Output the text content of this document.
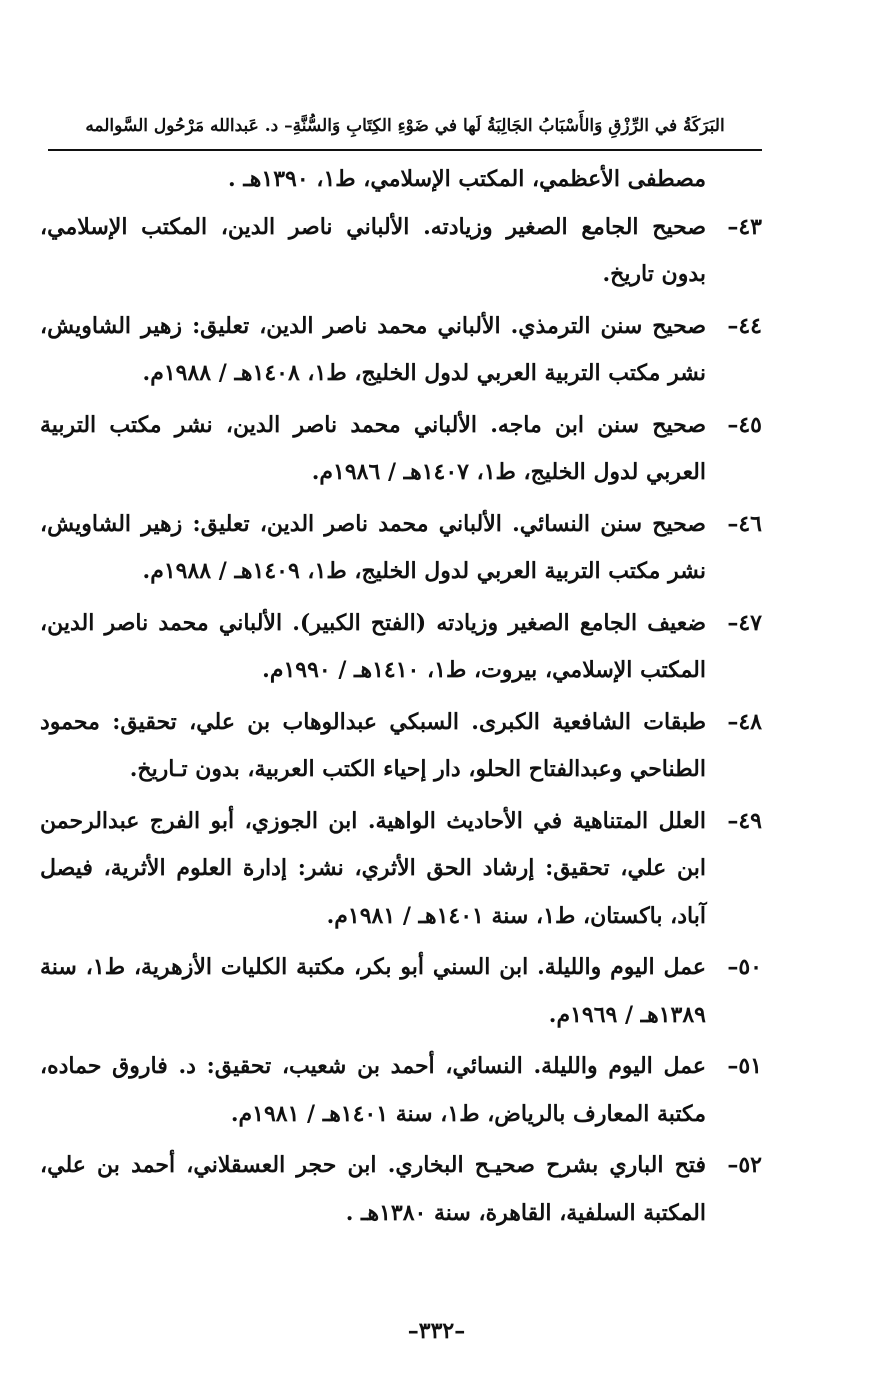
البَرَكَةُ في الرِّزْقِ وَالأَسْبَابُ الجَالِبَةُ لَها في ضَوْءِ الكِتَابِ وَالسُّنَّةِ– د. عَبدالله مَرْحُول السَّوالمه
مصطفى الأعظمي، المكتب الإسلامي، ط١، ١٣٩٠هـ .
٤٣–

صحيح الجامع الصغير وزيادته. الألباني ناصر الدين، المكتب الإسلامي، بدون تاريخ.

٤٤–

صحيح سنن الترمذي. الألباني محمد ناصر الدين، تعليق: زهير الشاويش، نشر مكتب التربية العربي لدول الخليج، ط١، ١٤٠٨هـ / ١٩٨٨م.

٤٥–

صحيح سنن ابن ماجه. الألباني محمد ناصر الدين، نشر مكتب التربية العربي لدول الخليج، ط١، ١٤٠٧هـ / ١٩٨٦م.

٤٦–

صحيح سنن النسائي. الألباني محمد ناصر الدين، تعليق: زهير الشاويش، نشر مكتب التربية العربي لدول الخليج، ط١، ١٤٠٩هـ / ١٩٨٨م.

٤٧–

ضعيف الجامع الصغير وزيادته (الفتح الكبير). الألباني محمد ناصر الدين، المكتب الإسلامي، بيروت، ط١، ١٤١٠هـ / ١٩٩٠م.

٤٨–

طبقات الشافعية الكبرى. السبكي عبدالوهاب بن علي، تحقيق: محمود الطناحي وعبدالفتاح الحلو، دار إحياء الكتب العربية، بدون تـاريخ.

٤٩–

العلل المتناهية في الأحاديث الواهية. ابن الجوزي، أبو الفرج عبدالرحمن ابن علي، تحقيق: إرشاد الحق الأثري، نشر: إدارة العلوم الأثرية، فيصل آباد، باكستان، ط١، سنة ١٤٠١هـ / ١٩٨١م.

٥٠–

عمل اليوم والليلة. ابن السني أبو بكر، مكتبة الكليات الأزهرية، ط١، سنة ١٣٨٩هـ / ١٩٦٩م.

٥١–

عمل اليوم والليلة. النسائي، أحمد بن شعيب، تحقيق: د. فاروق حماده، مكتبة المعارف بالرياض، ط١، سنة ١٤٠١هـ / ١٩٨١م.

٥٢–

فتح الباري بشرح صحيـح البخاري. ابن حجر العسقلاني، أحمد بن علي، المكتبة السلفية، القاهرة، سنة ١٣٨٠هـ .

–٣٣٢–
